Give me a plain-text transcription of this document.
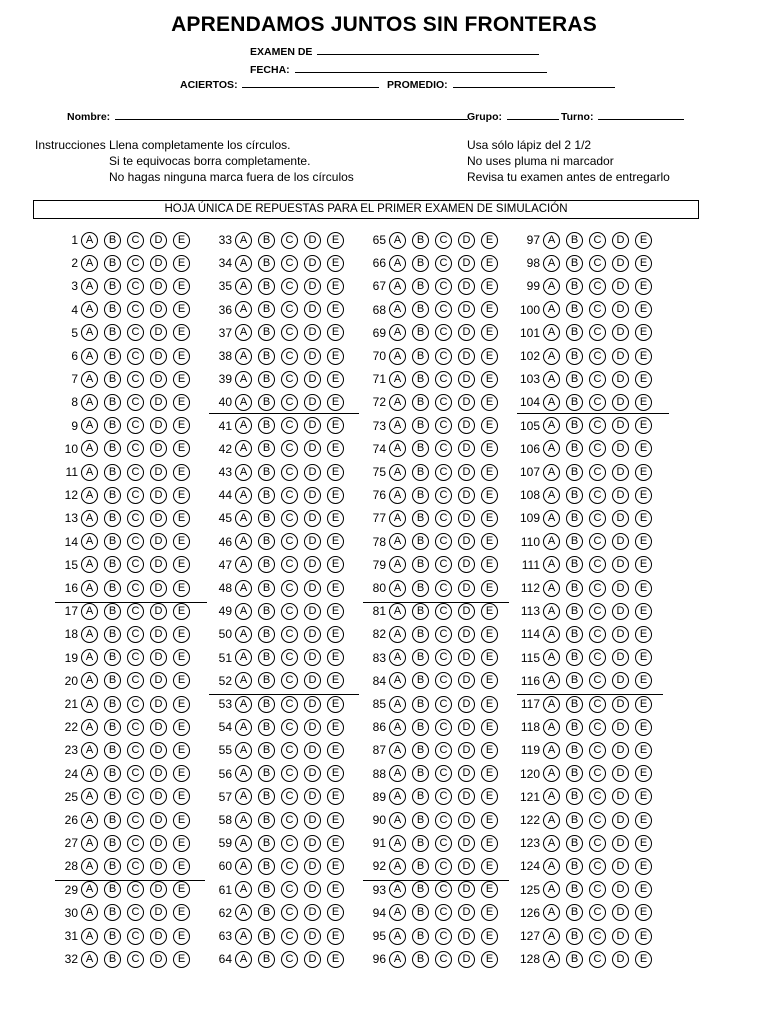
APRENDAMOS JUNTOS SIN FRONTERAS
EXAMEN DE
FECHA:
ACIERTOS:	PROMEDIO:
Nombre:	Grupo:	Turno:
Instrucciones Llena completamente los círculos.
Si te equivocas borra completamente.
No hagas ninguna marca fuera de los círculos
Usa sólo lápiz del 2 1/2
No uses pluma ni marcador
Revisa tu examen antes de entregarlo
HOJA ÚNICA DE REPUESTAS PARA EL PRIMER EXAMEN DE SIMULACIÓN
1 A	B	C	D	E
2 A	B	C	D	E
3 A	B	C	D	E
4 A	B	C	D	E
5 A	B	C	D	E
6 A	B	C	D	E
7 A	B	C	D	E
8 A	B	C	D	E
9 A	B	C	D	E
10 A	B	C	D	E
11 A	B	C	D	E
12 A	B	C	D	E
13 A	B	C	D	E
14 A	B	C	D	E
15 A	B	C	D	E
16 A	B	C	D	E
17 A	B	C	D	E
18 A	B	C	D	E
19 A	B	C	D	E
20 A	B	C	D	E
21 A	B	C	D	E
22 A	B	C	D	E
23 A	B	C	D	E
24 A	B	C	D	E
25 A	B	C	D	E
26 A	B	C	D	E
27 A	B	C	D	E
28 A	B	C	D	E
29 A	B	C	D	E
30 A	B	C	D	E
31 A	B	C	D	E
32 A	B	C	D	E
33 A	B	C	D	E
34 A	B	C	D	E
35 A	B	C	D	E
36 A	B	C	D	E
37 A	B	C	D	E
38 A	B	C	D	E
39 A	B	C	D	E
40 A	B	C	D	E
41 A	B	C	D	E
42 A	B	C	D	E
43 A	B	C	D	E
44 A	B	C	D	E
45 A	B	C	D	E
46 A	B	C	D	E
47 A	B	C	D	E
48 A	B	C	D	E
49 A	B	C	D	E
50 A	B	C	D	E
51 A	B	C	D	E
52 A	B	C	D	E
53 A	B	C	D	E
54 A	B	C	D	E
55 A	B	C	D	E
56 A	B	C	D	E
57 A	B	C	D	E
58 A	B	C	D	E
59 A	B	C	D	E
60 A	B	C	D	E
61 A	B	C	D	E
62 A	B	C	D	E
63 A	B	C	D	E
64 A	B	C	D	E
65 A	B	C	D	E
66 A	B	C	D	E
67 A	B	C	D	E
68 A	B	C	D	E
69 A	B	C	D	E
70 A	B	C	D	E
71 A	B	C	D	E
72 A	B	C	D	E
73 A	B	C	D	E
74 A	B	C	D	E
75 A	B	C	D	E
76 A	B	C	D	E
77 A	B	C	D	E
78 A	B	C	D	E
79 A	B	C	D	E
80 A	B	C	D	E
81 A	B	C	D	E
82 A	B	C	D	E
83 A	B	C	D	E
84 A	B	C	D	E
85 A	B	C	D	E
86 A	B	C	D	E
87 A	B	C	D	E
88 A	B	C	D	E
89 A	B	C	D	E
90 A	B	C	D	E
91 A	B	C	D	E
92 A	B	C	D	E
93 A	B	C	D	E
94 A	B	C	D	E
95 A	B	C	D	E
96 A	B	C	D	E
97 A	B	C	D	E
98 A	B	C	D	E
99 A	B	C	D	E
100 A	B	C	D	E
101 A	B	C	D	E
102 A	B	C	D	E
103 A	B	C	D	E
104 A	B	C	D	E
105 A	B	C	D	E
106 A	B	C	D	E
107 A	B	C	D	E
108 A	B	C	D	E
109 A	B	C	D	E
110 A	B	C	D	E
111 A	B	C	D	E
112 A	B	C	D	E
113 A	B	C	D	E
114 A	B	C	D	E
115 A	B	C	D	E
116 A	B	C	D	E
117 A	B	C	D	E
118 A	B	C	D	E
119 A	B	C	D	E
120 A	B	C	D	E
121 A	B	C	D	E
122 A	B	C	D	E
123 A	B	C	D	E
124 A	B	C	D	E
125 A	B	C	D	E
126 A	B	C	D	E
127 A	B	C	D	E
128 A	B	C	D	E
